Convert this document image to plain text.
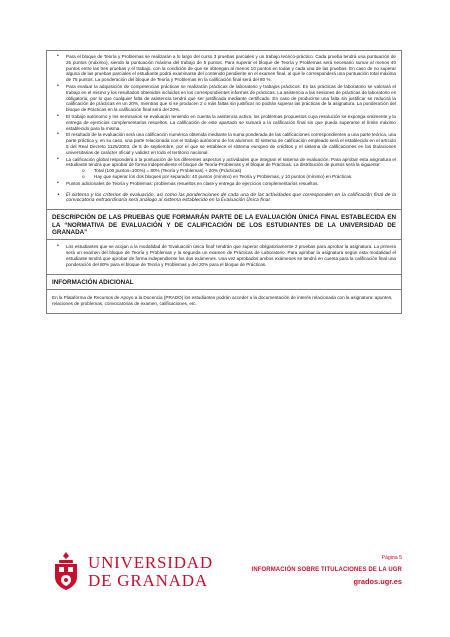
• Para el bloque de Teoría y Problemas se realizarán a lo largo del curso 3 pruebas parciales y un trabajo teórico-práctico. Cada prueba tendrá una puntuación de 25 puntos (máximo), siendo la puntuación máxima del trabajo de 5 puntos. Para superar el bloque de Teoría y Problemas será necesario sumar al menos 40 puntos entre las tres pruebas y el trabajo, con la condición de que se obtengan al menos 10 puntos en todas y cada una de las pruebas. En caso de no superar alguna de las pruebas parciales el estudiante podrá examinarse del contenido pendiente en el examen final, al que le corresponderá una puntuación total máxima de 75 puntos. La ponderación del bloque de Teoría y Problemas en la calificación final será del 80 %.
• Para evaluar la adquisición de competencias prácticas se realizarán prácticas de laboratorio y trabajos prácticos. En las prácticas de laboratorio se valorará el trabajo en el mismo y los resultados obtenidos incluidos en los correspondientes informes de prácticas. La asistencia a las sesiones de prácticas de laboratorio es obligatoria, por lo que cualquier falta de asistencia tendrá que ser justificada mediante certificado. En caso de producirse una falta sin justificar se reducirá la calificación de prácticas en un 20%, mientras que si se producen 2 o más faltas sin justificar no podrán superar las prácticas de la asignatura. La ponderación del bloque de Prácticas en la calificación final será del 20%.
• El trabajo autónomo y los seminarios se evaluarán teniendo en cuenta la asistencia activa, los problemas propuestos cuya resolución se exponga oralmente y la entrega de ejercicios complementarios resueltos. La calificación de este apartado se sumará a la calificación final sin que pueda superarse el límite máximo establecido para la misma.
• El resultado de la evaluación será una calificación numérica obtenida mediante la suma ponderada de las calificaciones correspondientes a una parte teórica, una parte práctica y, en su caso, una parte relacionada con el trabajo autónomo de los alumnos. El sistema de calificación empleado será el establecido en el artículo 5 del Real Decreto 1125/2003, de 5 de septiembre, por el que se establece el sistema europeo de créditos y el sistema de calificaciones en las titulaciones universitarias de carácter oficial y validez en todo el territorio nacional.
• La calificación global responderá a la puntuación de los diferentes aspectos y actividades que integran el sistema de evaluación. Para aprobar esta asignatura el estudiante tendrá que aprobar de forma independiente el bloque de Teoría-Problemas y el bloque de Prácticas. La distribución de puntos será la siguiente:
o Total (100 puntos=100%) = 80% (Teoría y Problemas) + 20% (Prácticas)
o Hay que superar los dos bloques por separado: 40 puntos (mínimo) en Teoría y Problemas, y 10 puntos (mínimo) en Prácticas.
• Puntos adicionales de Teoría y Problemas: problemas resueltos en clase y entrega de ejercicios complementarios resueltos.
• El sistema y los criterios de evaluación, así como las ponderaciones de cada una de las actividades que corresponden en la calificación final de la convocatoria extraordinaria será análogo al sistema establecido en la Evaluación Única final.
DESCRIPCIÓN DE LAS PRUEBAS QUE FORMARÁN PARTE DE LA EVALUACIÓN ÚNICA FINAL ESTABLECIDA EN LA “NORMATIVA DE EVALUACIÓN Y DE CALIFICACIÓN DE LOS ESTUDIANTES DE LA UNIVERSIDAD DE GRANADA”
• Los estudiantes que se acojan a la modalidad de ‘Evaluación única final’ tendrán que superar obligatoriamente 2 pruebas para aprobar la asignatura. La primera será un examen del bloque de Teoría y Problemas y la segunda un examen de Prácticas de Laboratorio. Para aprobar la asignatura según esta modalidad el estudiante tendrá que aprobar de forma independiente los dos exámenes. Una vez aprobados ambos exámenes se tendrá en cuenta para la calificación final una ponderación del 80% para el bloque de Teoría y Problemas y del 20% para el bloque de Prácticas.
INFORMACIÓN ADICIONAL
En la Plataforma de Recursos de Apoyo a la Docencia (PRADO) los estudiantes podrán acceder a la documentación de interés relacionada con la asignatura: apuntes, relaciones de problemas, convocatorias de examen, calificaciones, etc.
UNIVERSIDAD
DE GRANADA
Página 5
INFORMACIÓN SOBRE TITULACIONES DE LA UGR
grados.ugr.es
